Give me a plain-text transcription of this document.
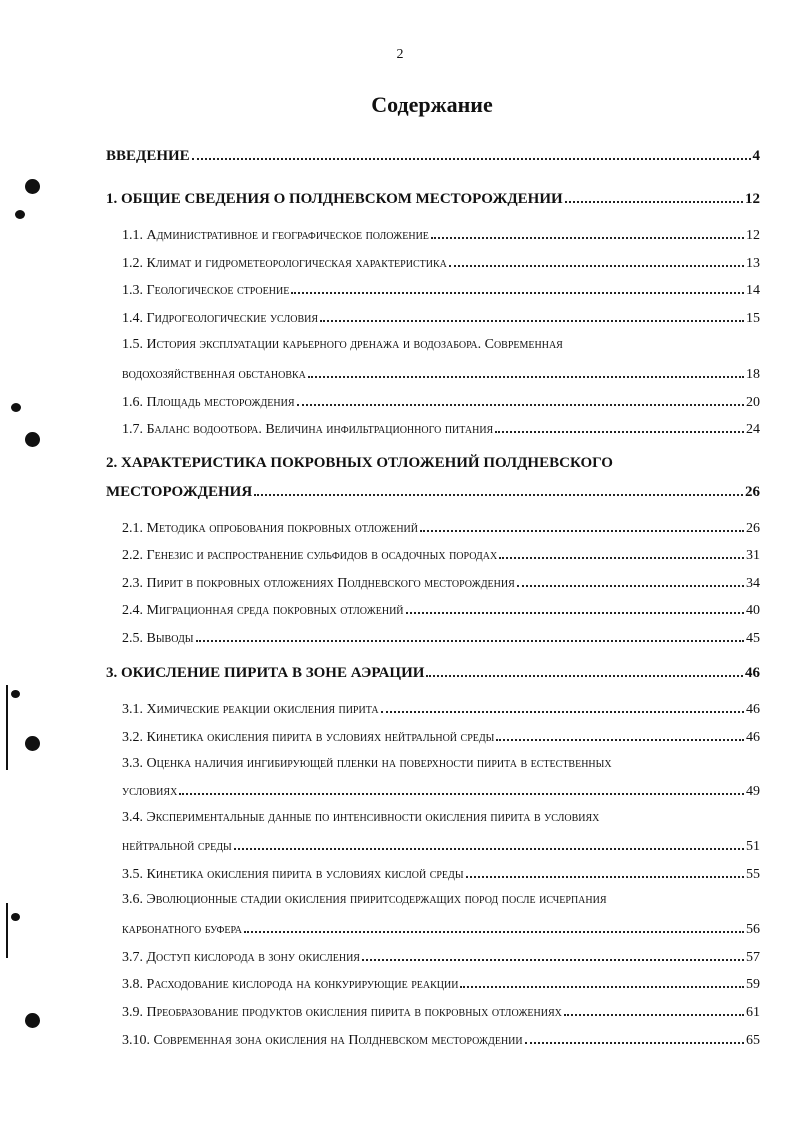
2
Содержание
ВВЕДЕНИЕ	4
1. ОБЩИЕ СВЕДЕНИЯ О ПОЛДНЕВСКОМ МЕСТОРОЖДЕНИИ	12
1.1. Административное и географическое положение	12
1.2. Климат и гидрометеорологическая характеристика	13
1.3. Геологическое строение	14
1.4. Гидрогеологические условия	15
1.5. История эксплуатации карьерного дренажа и водозабора. Современная
водохозяйственная обстановка	18
1.6. Площадь месторождения	20
1.7. Баланс водоотбора. Величина инфильтрационного питания	24
2. ХАРАКТЕРИСТИКА ПОКРОВНЫХ ОТЛОЖЕНИЙ ПОЛДНЕВСКОГО
МЕСТОРОЖДЕНИЯ	26
2.1. Методика опробования покровных отложений	26
2.2. Генезис и распространение сульфидов в осадочных породах	31
2.3. Пирит в покровных отложениях Полдневского месторождения	34
2.4. Миграционная среда покровных отложений	40
2.5. Выводы	45
3. ОКИСЛЕНИЕ ПИРИТА В ЗОНЕ АЭРАЦИИ	46
3.1. Химические реакции окисления пирита	46
3.2. Кинетика окисления пирита в условиях нейтральной среды	46
3.3. Оценка наличия ингибирующей пленки на поверхности пирита в естественных
условиях	49
3.4. Экспериментальные данные по интенсивности окисления пирита в условиях
нейтральной среды	51
3.5. Кинетика окисления пирита в условиях кислой среды	55
3.6. Эволюционные стадии окисления приритсодержащих пород после исчерпания
карбонатного буфера	56
3.7. Доступ кислорода в зону окисления	57
3.8. Расходование кислорода на конкурирующие реакции	59
3.9. Преобразование продуктов окисления пирита в покровных отложениях	61
3.10. Современная зона окисления на Полдневском месторождении	65
